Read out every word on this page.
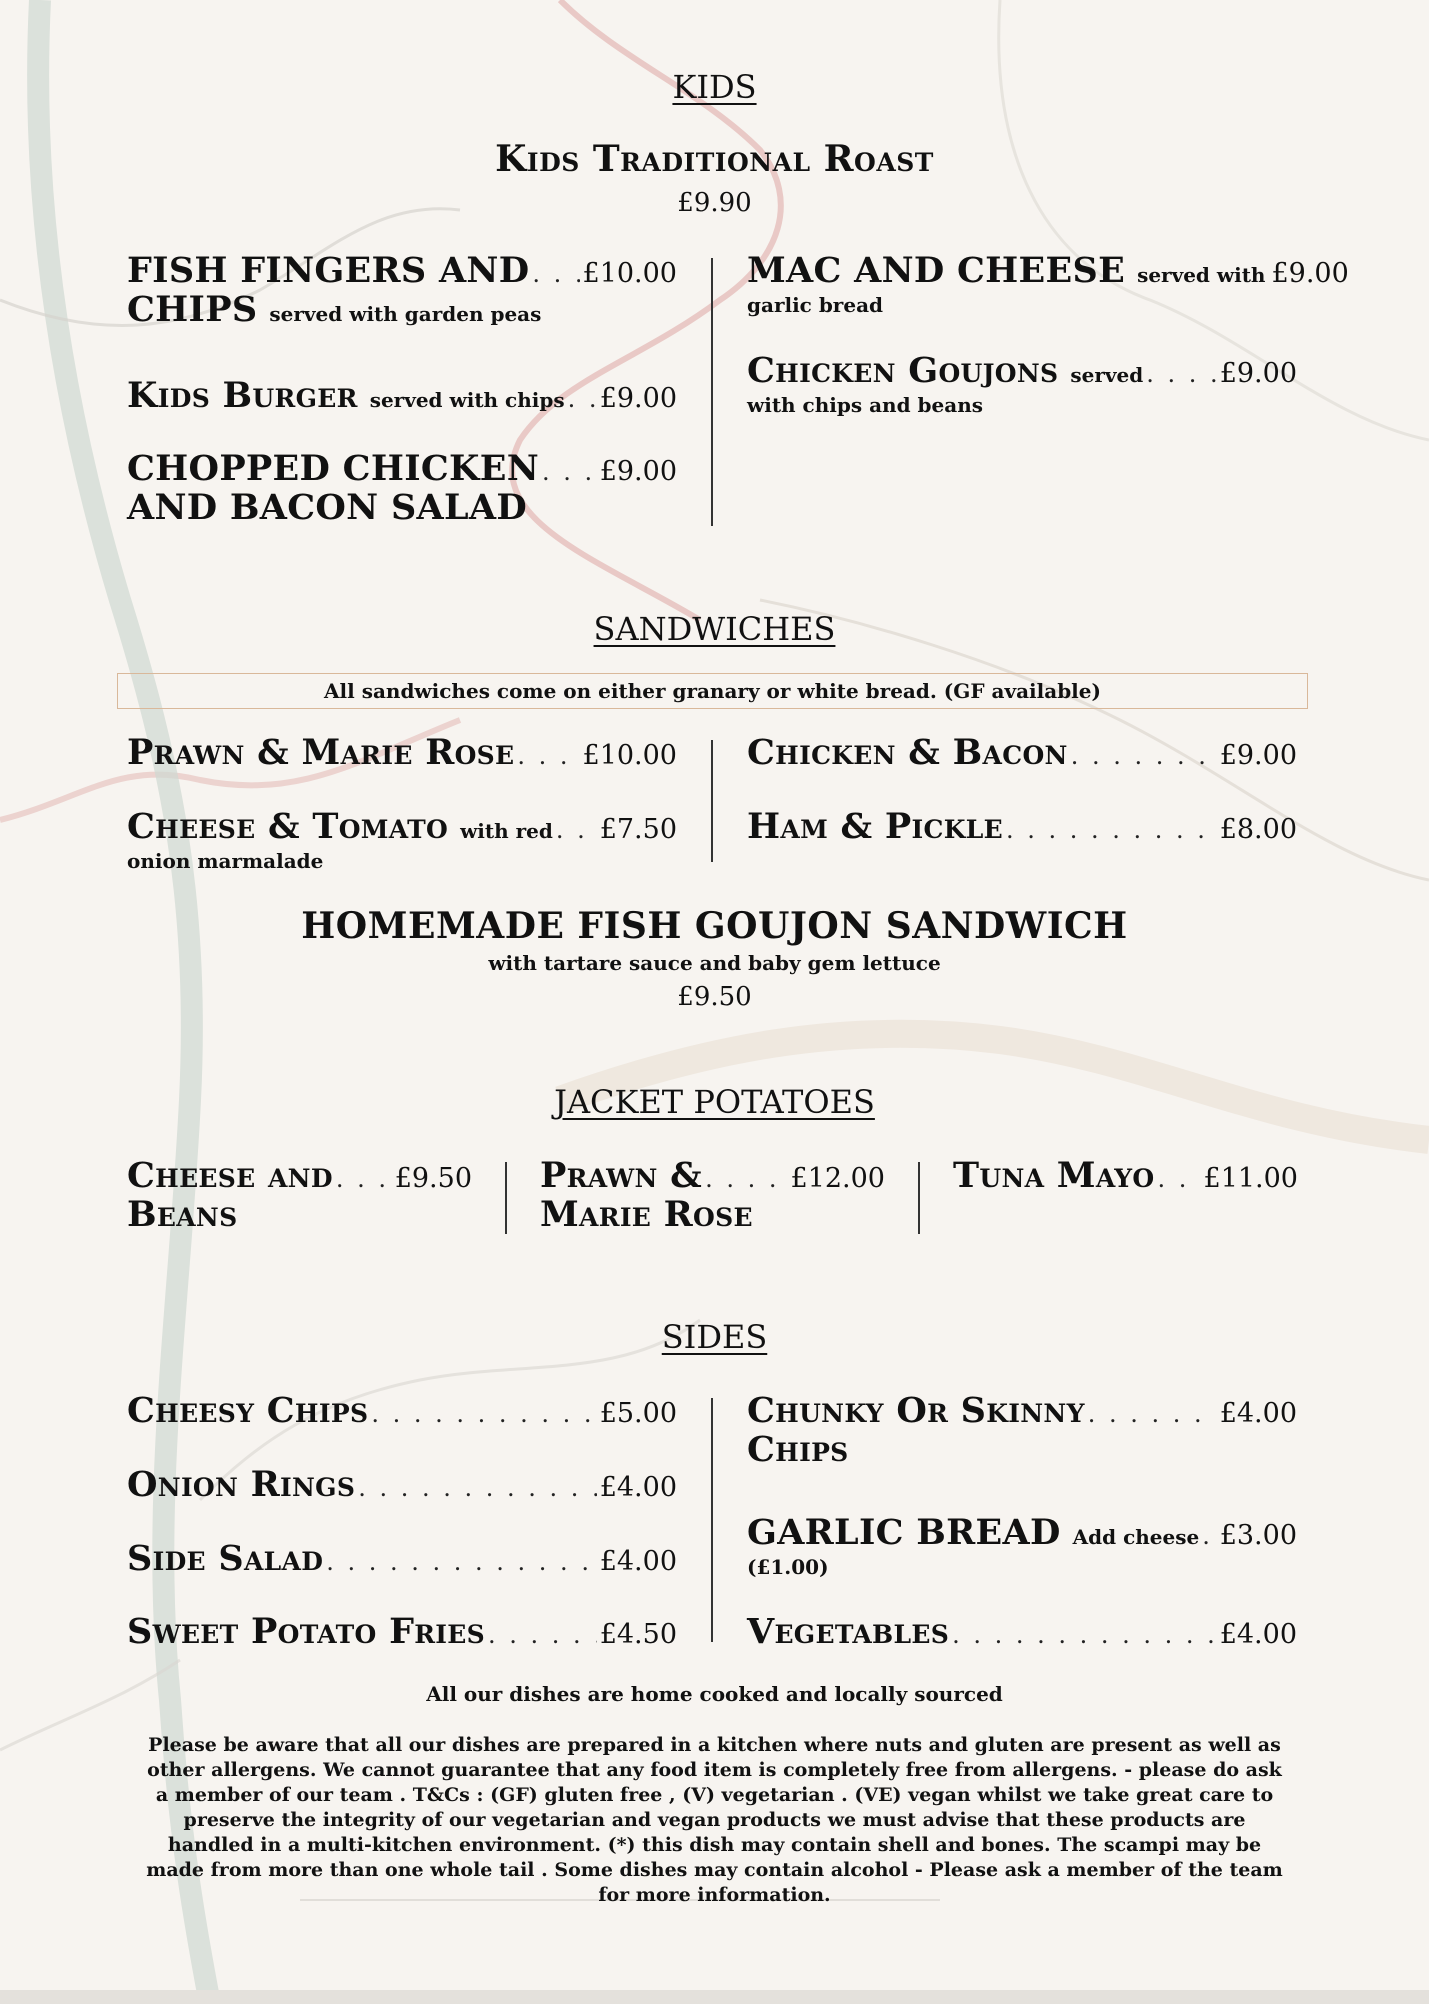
KIDS
Kids Traditional Roast
£9.90
FISH FINGERS AND . . . £10.00
CHIPS served with garden peas
Kids Burger served with chips . . . £9.00
CHOPPED CHICKEN . . . £9.00
AND BACON SALAD
MAC AND CHEESE served with £9.00
garlic bread
Chicken Goujons served . . .	£9.00
with chips and beans
SANDWICHES
All sandwiches come on either granary or white bread. (GF available)
Prawn & Marie Rose . . .	£10.00
Cheese & Tomato with red . . . £7.50
onion marmalade
Chicken & Bacon . . .	£9.00
Ham & Pickle . . .	£8.00
HOMEMADE FISH GOUJON SANDWICH
with tartare sauce and baby gem lettuce
£9.50
JACKET POTATOES
Cheese and . . . £9.50
Beans
Prawn & . . .	£12.00
Marie Rose
Tuna Mayo . . . £11.00
SIDES
Cheesy Chips . . .	£5.00
Onion Rings . . .	£4.00
Side Salad . . .	£4.00
Sweet Potato Fries . . .	£4.50
Chunky Or Skinny . . .	£4.00
Chips
GARLIC BREAD Add cheese . . . £3.00
(£1.00)
Vegetables . . .	£4.00
All our dishes are home cooked and locally sourced
Please be aware that all our dishes are prepared in a kitchen where nuts and gluten are present as well as other allergens. We cannot guarantee that any food item is completely free from allergens. - please do ask a member of our team . T&Cs : (GF) gluten free , (V) vegetarian . (VE) vegan whilst we take great care to preserve the integrity of our vegetarian and vegan products we must advise that these products are handled in a multi-kitchen environment. (*) this dish may contain shell and bones. The scampi may be made from more than one whole tail . Some dishes may contain alcohol - Please ask a member of the team for more information.
